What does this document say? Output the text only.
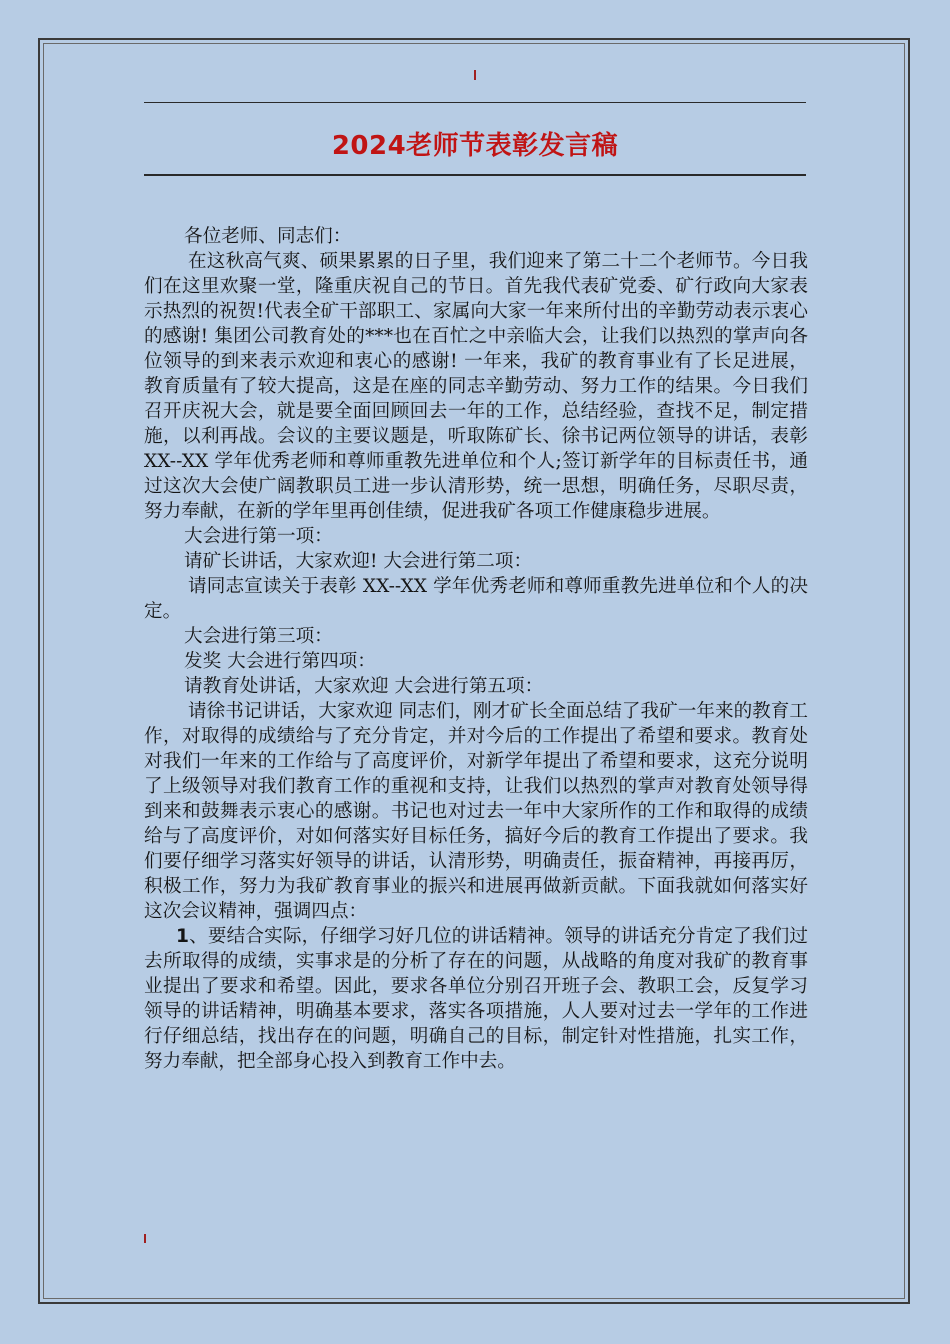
2024老师节表彰发言稿

各位老师、同志们：

在这秋高气爽、硕果累累的日子里，我们迎来了第二十二个老师节。今日我们在这里欢聚一堂，隆重庆祝自己的节日。首先我代表矿党委、矿行政向大家表示热烈的祝贺!代表全矿干部职工、家属向大家一年来所付出的辛勤劳动表示衷心的感谢! 集团公司教育处的***也在百忙之中亲临大会，让我们以热烈的掌声向各位领导的到来表示欢迎和衷心的感谢! 一年来，我矿的教育事业有了长足进展，教育质量有了较大提高，这是在座的同志辛勤劳动、努力工作的结果。今日我们召开庆祝大会，就是要全面回顾回去一年的工作，总结经验，查找不足，制定措施，以利再战。会议的主要议题是，听取陈矿长、徐书记两位领导的讲话，表彰 XX--XX 学年优秀老师和尊师重教先进单位和个人;签订新学年的目标责任书，通过这次大会使广阔教职员工进一步认清形势，统一思想，明确任务，尽职尽责，努力奉献，在新的学年里再创佳绩，促进我矿各项工作健康稳步进展。

大会进行第一项：

请矿长讲话，大家欢迎! 大会进行第二项：

请同志宣读关于表彰 XX--XX 学年优秀老师和尊师重教先进单位和个人的决定。

大会进行第三项：

发奖 大会进行第四项：

请教育处讲话，大家欢迎 大会进行第五项：

请徐书记讲话，大家欢迎 同志们，刚才矿长全面总结了我矿一年来的教育工作，对取得的成绩给与了充分肯定，并对今后的工作提出了希望和要求。教育处对我们一年来的工作给与了高度评价，对新学年提出了希望和要求，这充分说明了上级领导对我们教育工作的重视和支持，让我们以热烈的掌声对教育处领导得到来和鼓舞表示衷心的感谢。书记也对过去一年中大家所作的工作和取得的成绩给与了高度评价，对如何落实好目标任务，搞好今后的教育工作提出了要求。我们要仔细学习落实好领导的讲话，认清形势，明确责任，振奋精神，再接再厉，积极工作，努力为我矿教育事业的振兴和进展再做新贡献。下面我就如何落实好这次会议精神，强调四点：

1、要结合实际，仔细学习好几位的讲话精神。领导的讲话充分肯定了我们过去所取得的成绩，实事求是的分析了存在的问题，从战略的角度对我矿的教育事业提出了要求和希望。因此，要求各单位分别召开班子会、教职工会，反复学习领导的讲话精神，明确基本要求，落实各项措施，人人要对过去一学年的工作进行仔细总结，找出存在的问题，明确自己的目标，制定针对性措施，扎实工作，努力奉献，把全部身心投入到教育工作中去。
